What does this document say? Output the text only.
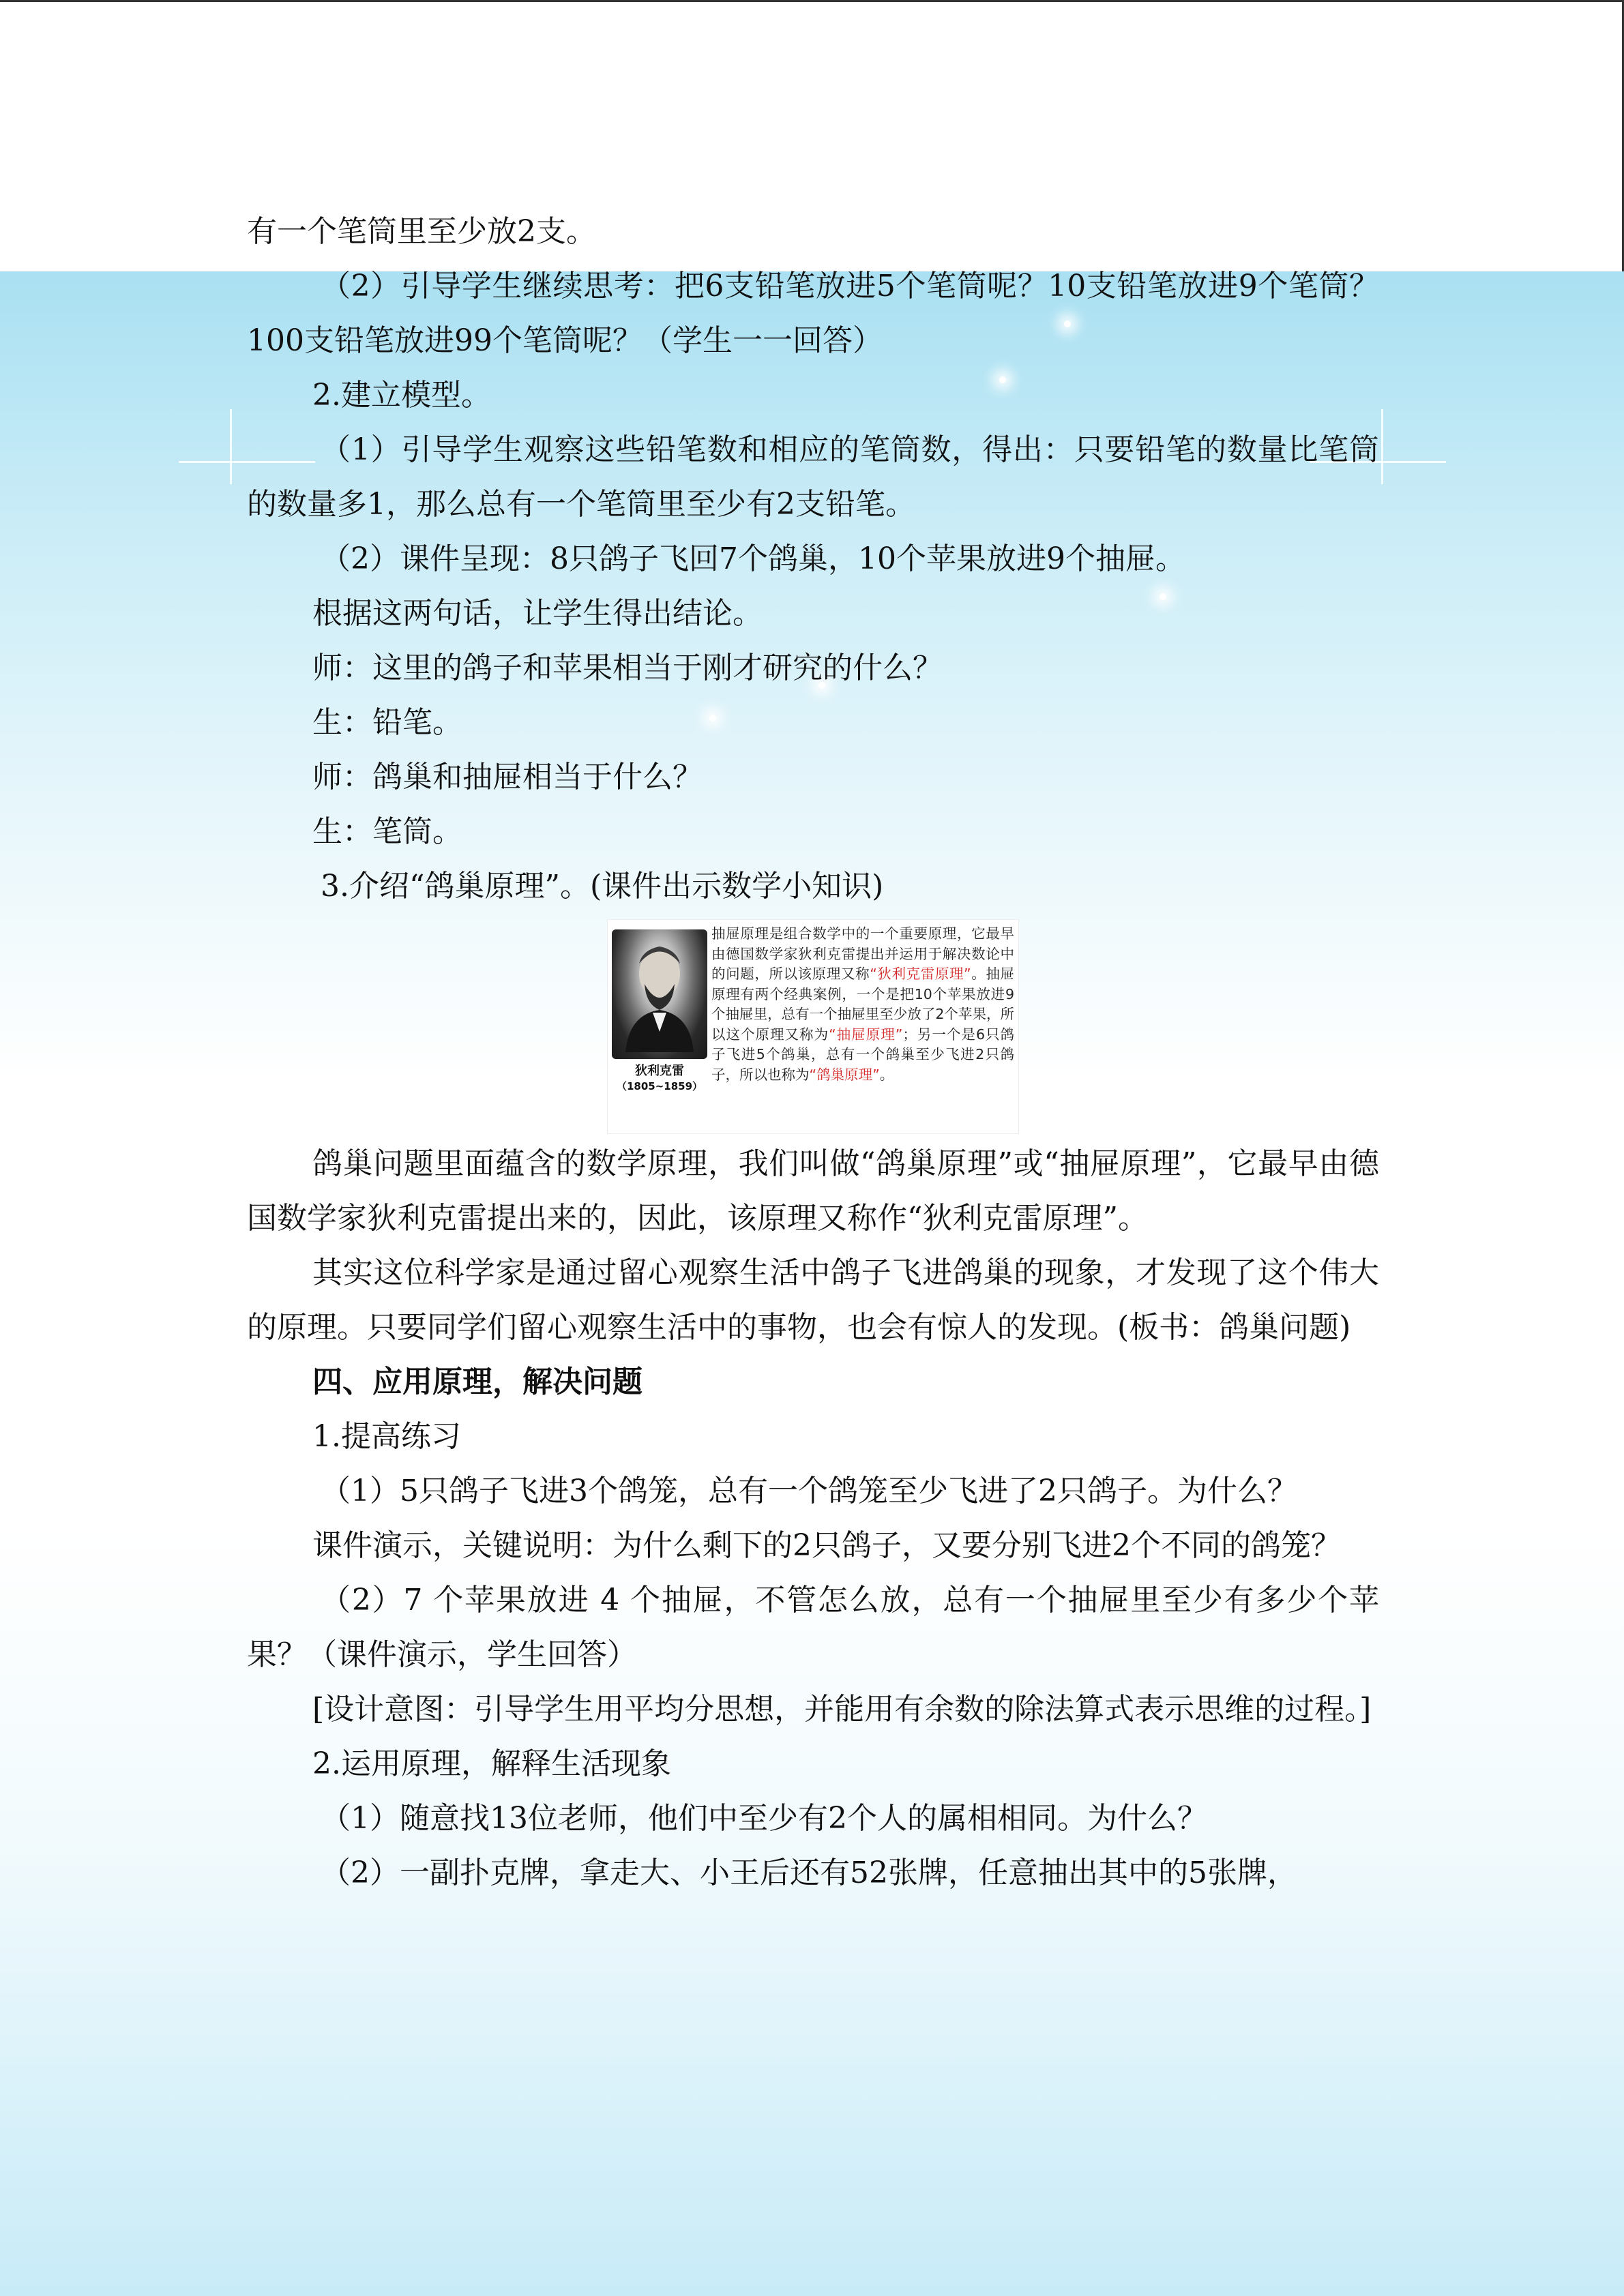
有一个笔筒里至少放2支。

（2）引导学生继续思考：把6支铅笔放进5个笔筒呢？10支铅笔放进9个笔筒？100支铅笔放进99个笔筒呢？（学生一一回答）

2.建立模型。

（1）引导学生观察这些铅笔数和相应的笔筒数，得出：只要铅笔的数量比笔筒的数量多1，那么总有一个笔筒里至少有2支铅笔。

（2）课件呈现：8只鸽子飞回7个鸽巢，10个苹果放进9个抽屉。

根据这两句话，让学生得出结论。

师：这里的鸽子和苹果相当于刚才研究的什么？

生：铅笔。

师：鸽巢和抽屉相当于什么？

生：笔筒。

3.介绍“鸽巢原理”。(课件出示数学小知识)

狄利克雷
（1805~1859）
抽屉原理是组合数学中的一个重要原理，它最早由德国数学家狄利克雷提出并运用于解决数论中的问题，所以该原理又称“狄利克雷原理”。抽屉原理有两个经典案例，一个是把10个苹果放进9个抽屉里，总有一个抽屉里至少放了2个苹果，所以这个原理又称为“抽屉原理”；另一个是6只鸽子飞进5个鸽巢，总有一个鸽巢至少飞进2只鸽子，所以也称为“鸽巢原理”。

鸽巢问题里面蕴含的数学原理，我们叫做“鸽巢原理”或“抽屉原理”，它最早由德国数学家狄利克雷提出来的，因此，该原理又称作“狄利克雷原理”。

其实这位科学家是通过留心观察生活中鸽子飞进鸽巢的现象，才发现了这个伟大的原理。只要同学们留心观察生活中的事物，也会有惊人的发现。(板书：鸽巢问题)

四、应用原理，解决问题

1.提高练习

（1）5只鸽子飞进3个鸽笼，总有一个鸽笼至少飞进了2只鸽子。为什么？

课件演示，关键说明：为什么剩下的2只鸽子，又要分别飞进2个不同的鸽笼？

（2）7 个苹果放进 4 个抽屉，不管怎么放，总有一个抽屉里至少有多少个苹果？（课件演示，学生回答）

[设计意图：引导学生用平均分思想，并能用有余数的除法算式表示思维的过程。]

2.运用原理，解释生活现象

（1）随意找13位老师，他们中至少有2个人的属相相同。为什么？

（2）一副扑克牌，拿走大、小王后还有52张牌，任意抽出其中的5张牌，
